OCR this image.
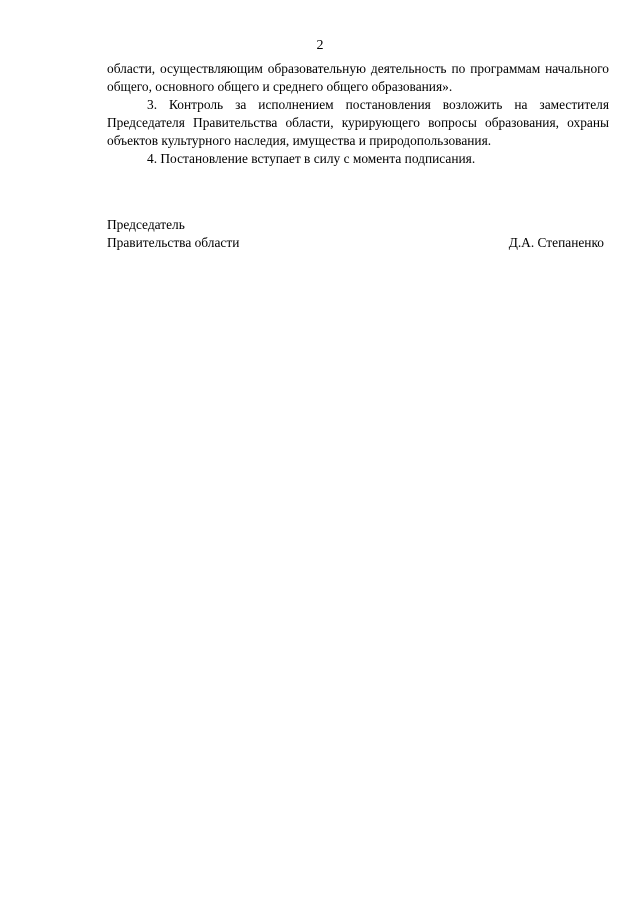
2

области, осуществляющим образовательную деятельность по программам начального общего, основного общего и среднего общего образования».

3. Контроль за исполнением постановления возложить на заместителя Председателя Правительства области, курирующего вопросы образования, охраны объектов культурного наследия, имущества и природопользования.

4. Постановление вступает в силу с момента подписания.

Председатель
Правительства области	Д.А. Степаненко
